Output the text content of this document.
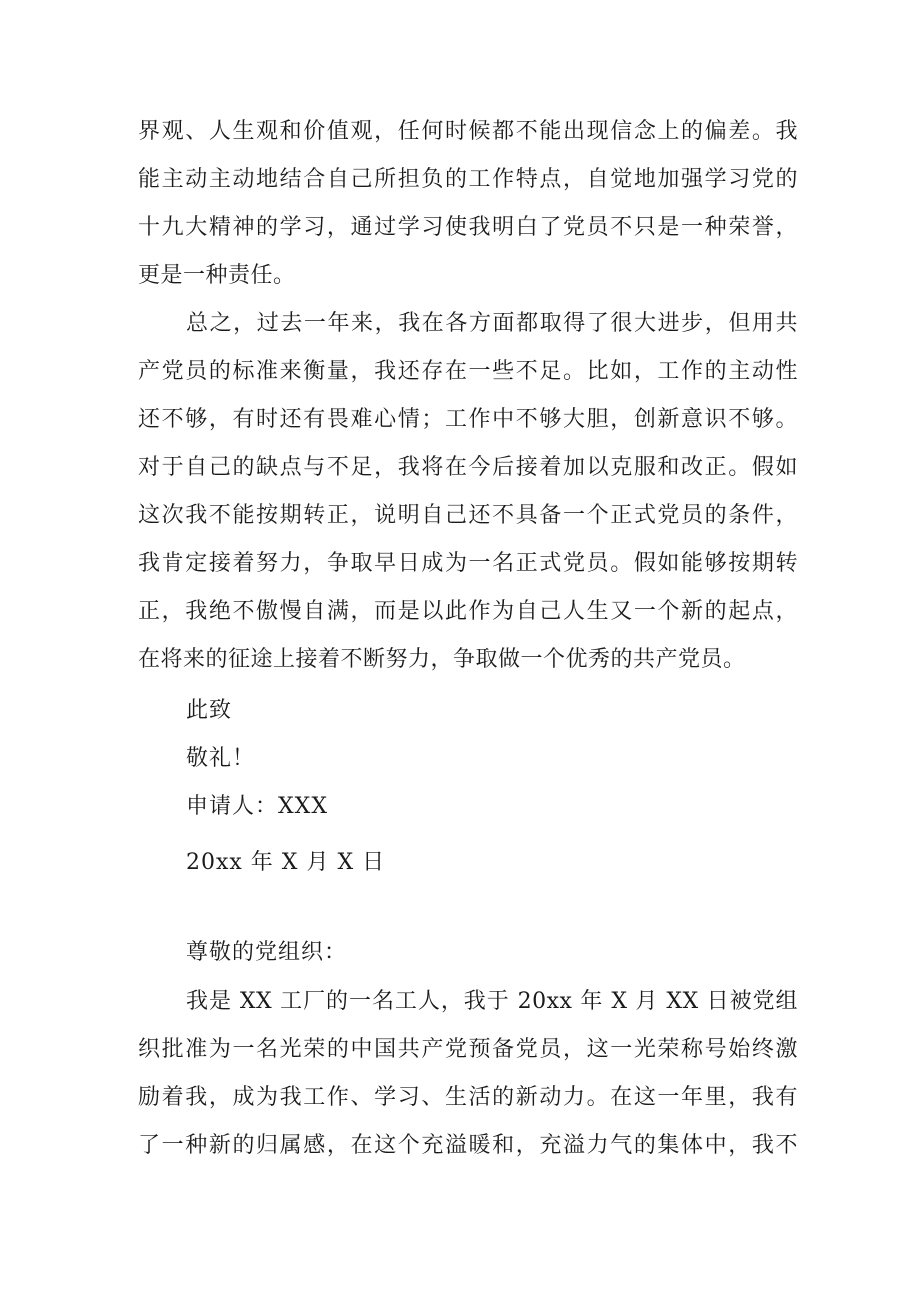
界观、人生观和价值观，任何时候都不能出现信念上的偏差。我
能主动主动地结合自己所担负的工作特点，自觉地加强学习党的
十九大精神的学习，通过学习使我明白了党员不只是一种荣誉，
更是一种责任。
总之，过去一年来，我在各方面都取得了很大进步，但用共
产党员的标准来衡量，我还存在一些不足。比如，工作的主动性
还不够，有时还有畏难心情；工作中不够大胆，创新意识不够。
对于自己的缺点与不足，我将在今后接着加以克服和改正。假如
这次我不能按期转正，说明自己还不具备一个正式党员的条件，
我肯定接着努力，争取早日成为一名正式党员。假如能够按期转
正，我绝不傲慢自满，而是以此作为自己人生又一个新的起点，
在将来的征途上接着不断努力，争取做一个优秀的共产党员。
此致
敬礼！
申请人：XXX
20xx 年 X 月 X 日
尊敬的党组织：
我是 XX 工厂的一名工人，我于 20xx 年 X 月 XX 日被党组
织批准为一名光荣的中国共产党预备党员，这一光荣称号始终激
励着我，成为我工作、学习、生活的新动力。在这一年里，我有
了一种新的归属感，在这个充溢暖和，充溢力气的集体中，我不
